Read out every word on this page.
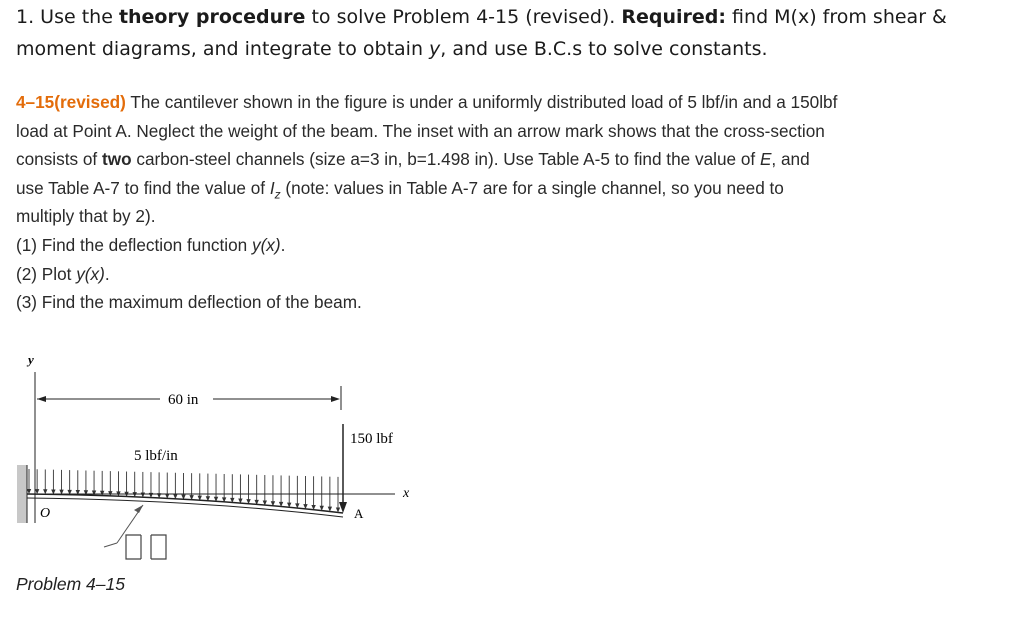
1. Use the theory procedure to solve Problem 4-15 (revised). Required: find M(x) from shear &
moment diagrams, and integrate to obtain y, and use B.C.s to solve constants.
4–15(revised) The cantilever shown in the figure is under a uniformly distributed load of 5 lbf/in and a 150lbf
load at Point A. Neglect the weight of the beam. The inset with an arrow mark shows that the cross-section
consists of two carbon-steel channels (size a=3 in, b=1.498 in). Use Table A-5 to find the value of E, and
use Table A-7 to find the value of $I_z$ (note: values in Table A-7 are for a single channel, so you need to
multiply that by 2).
(1) Find the deflection function y(x).
(2) Plot y(x).
(3) Find the maximum deflection of the beam.
y
60 in
150 lbf
5 lbf/in
x
O	A
Problem 4–15
